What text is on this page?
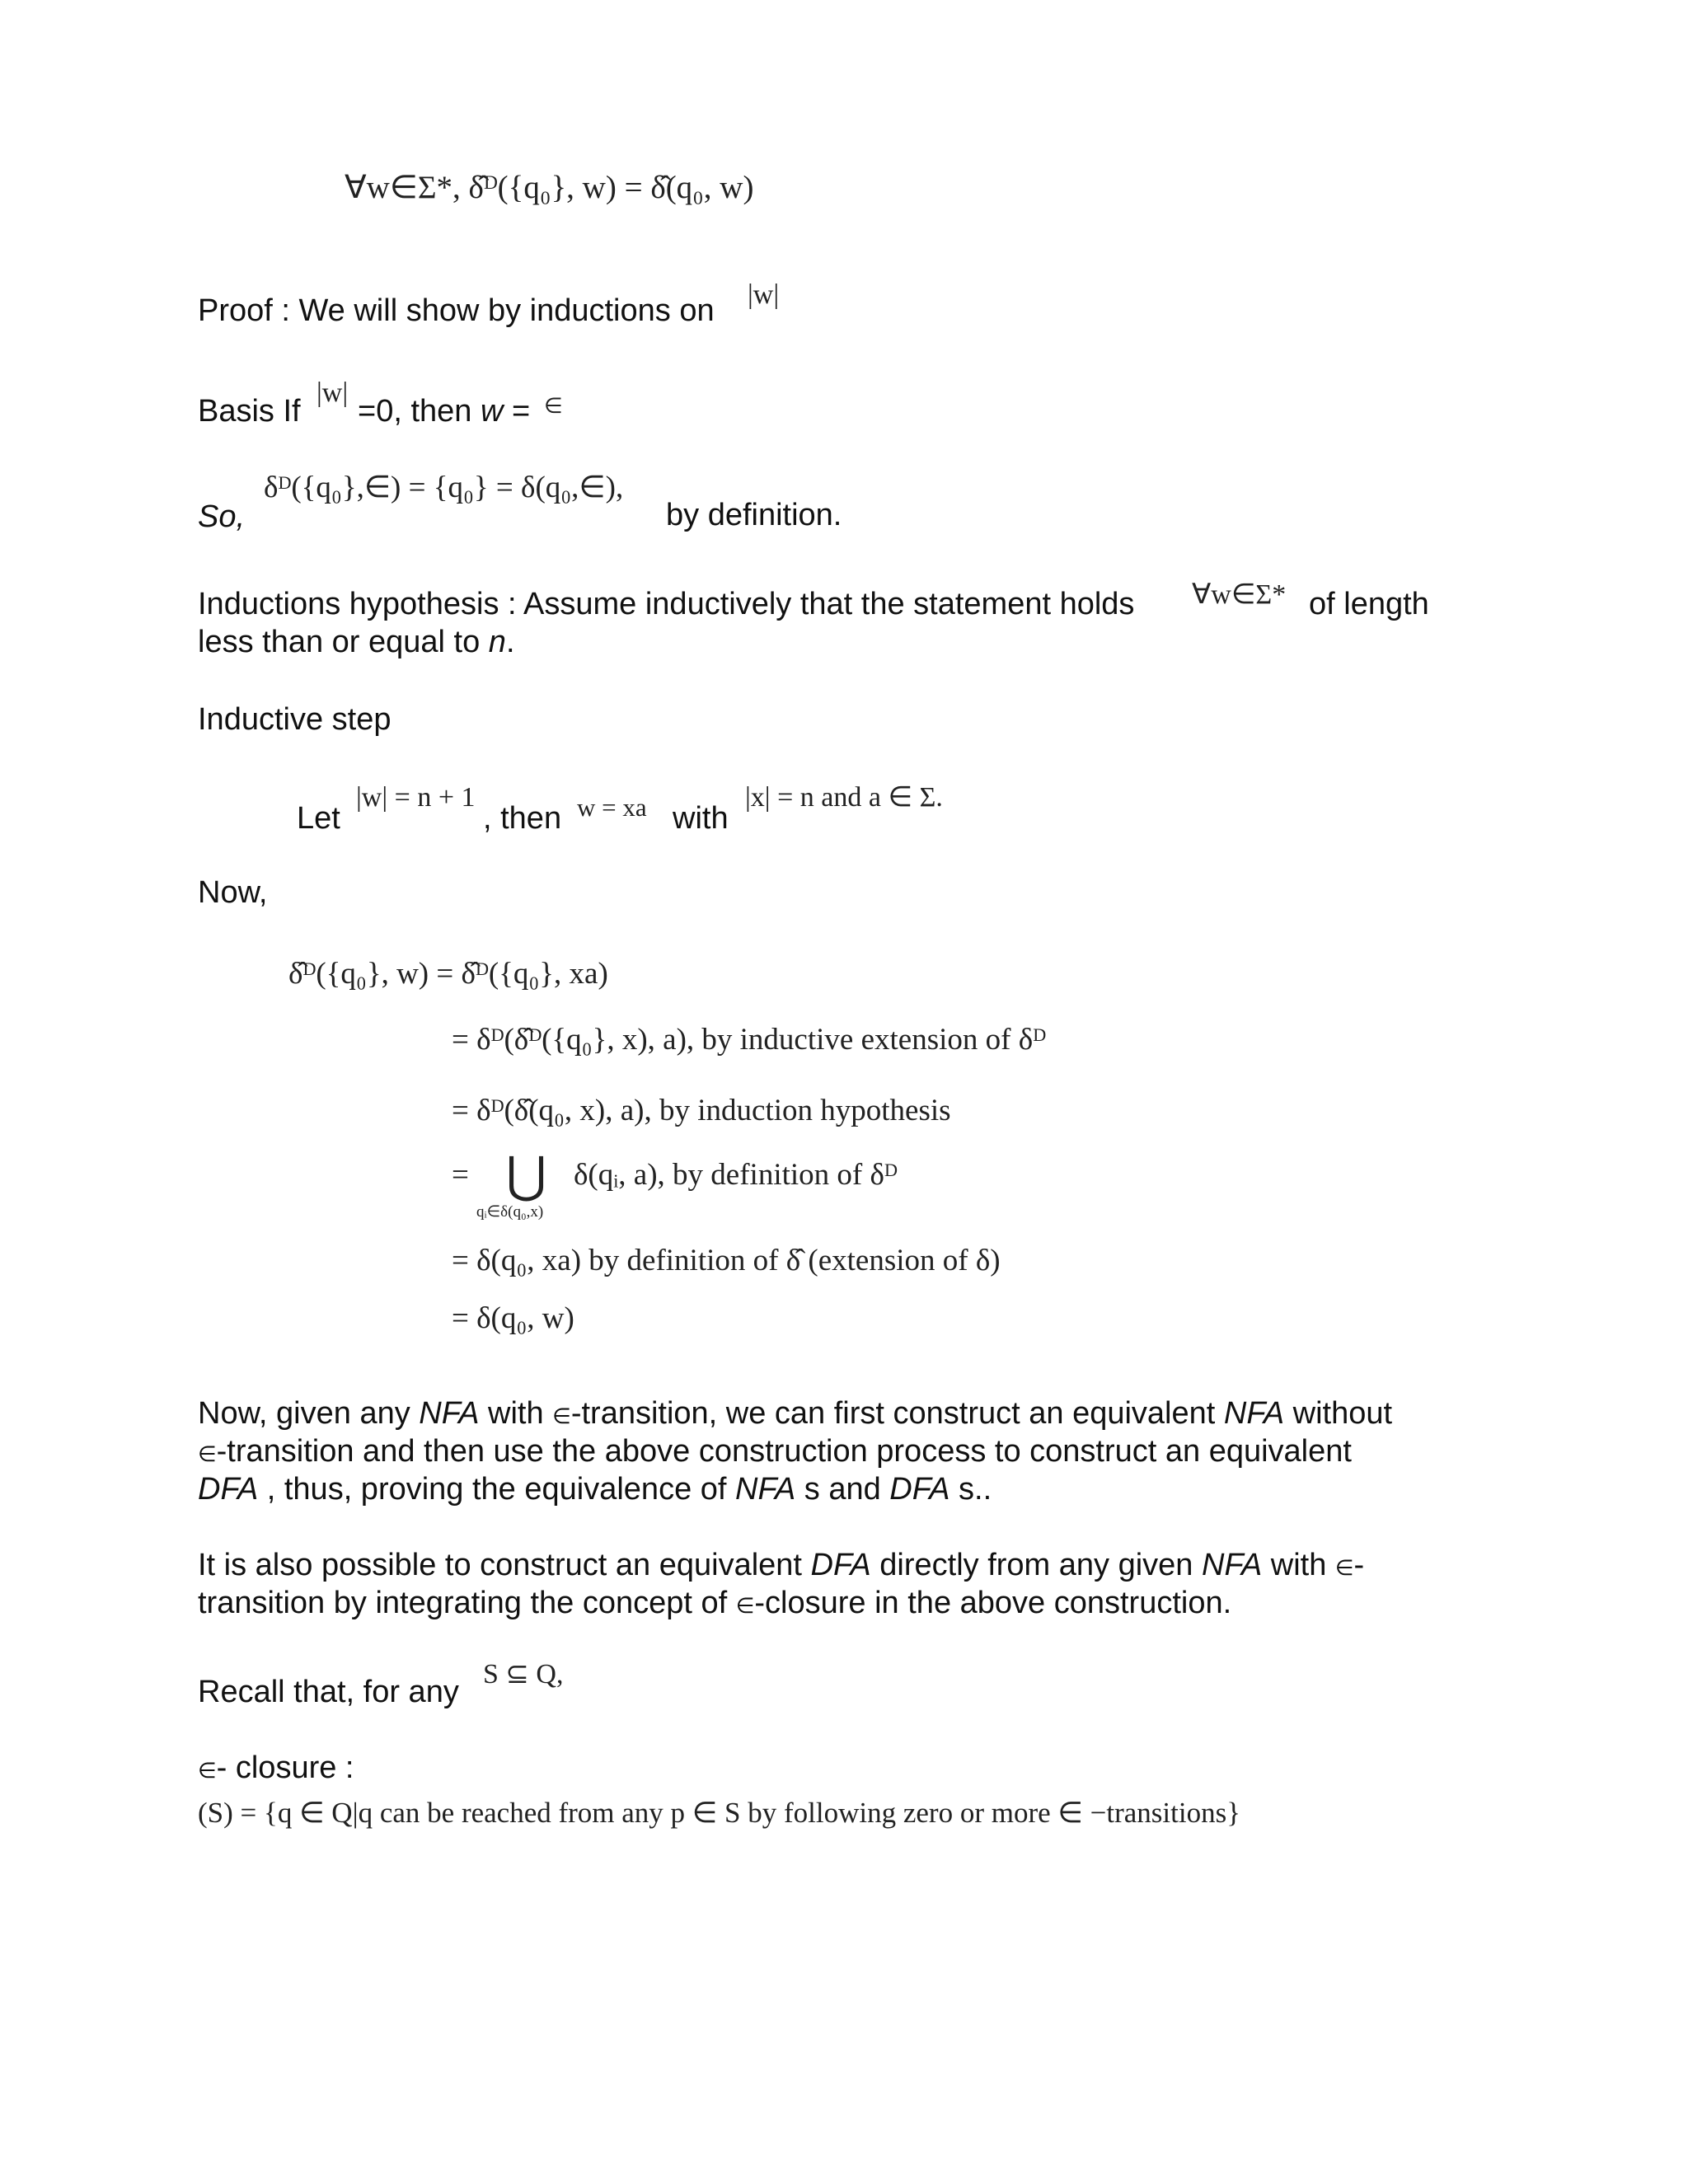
∀w∈Σ*, δ̂ᴰ({q₀}, w) = δ̂(q₀, w)
Proof : We will show by inductions on |w|
Basis If
|w|
=0, then w = ∈
So,
δᴰ({q₀},∈) = {q₀} = δ(q₀,∈),
by definition.
Inductions hypothesis : Assume inductively that the statement holds ∀w∈Σ* of length
less than or equal to n.
Inductive step
Let
|w| = n + 1
, then w = xa with
|x| = n and a ∈ Σ.
Now,
δ̂ᴰ({q₀}, w) = δ̂ᴰ({q₀}, xa)
= δᴰ(δ̂ᴰ({q₀}, x), a), by inductive extension of δᴰ
= δᴰ(δ̂(q₀, x), a), by induction hypothesis
= ⋃
qᵢ∈δ(q₀,x)
δ(qᵢ, a), by definition of δᴰ
= δ(q₀, xa) by definition of δ̂ (extension of δ)
= δ(q₀, w)
Now, given any NFA with ∈-transition, we can first construct an equivalent NFA without
∈-transition and then use the above construction process to construct an equivalent
DFA , thus, proving the equivalence of NFA s and DFA s..
It is also possible to construct an equivalent DFA directly from any given NFA with ∈-
transition by integrating the concept of ∈-closure in the above construction.
Recall that, for any
S ⊆ Q,
∈- closure :
(S) = {q ∈ Q|q can be reached from any p ∈ S by following zero or more ∈ −transitions}
